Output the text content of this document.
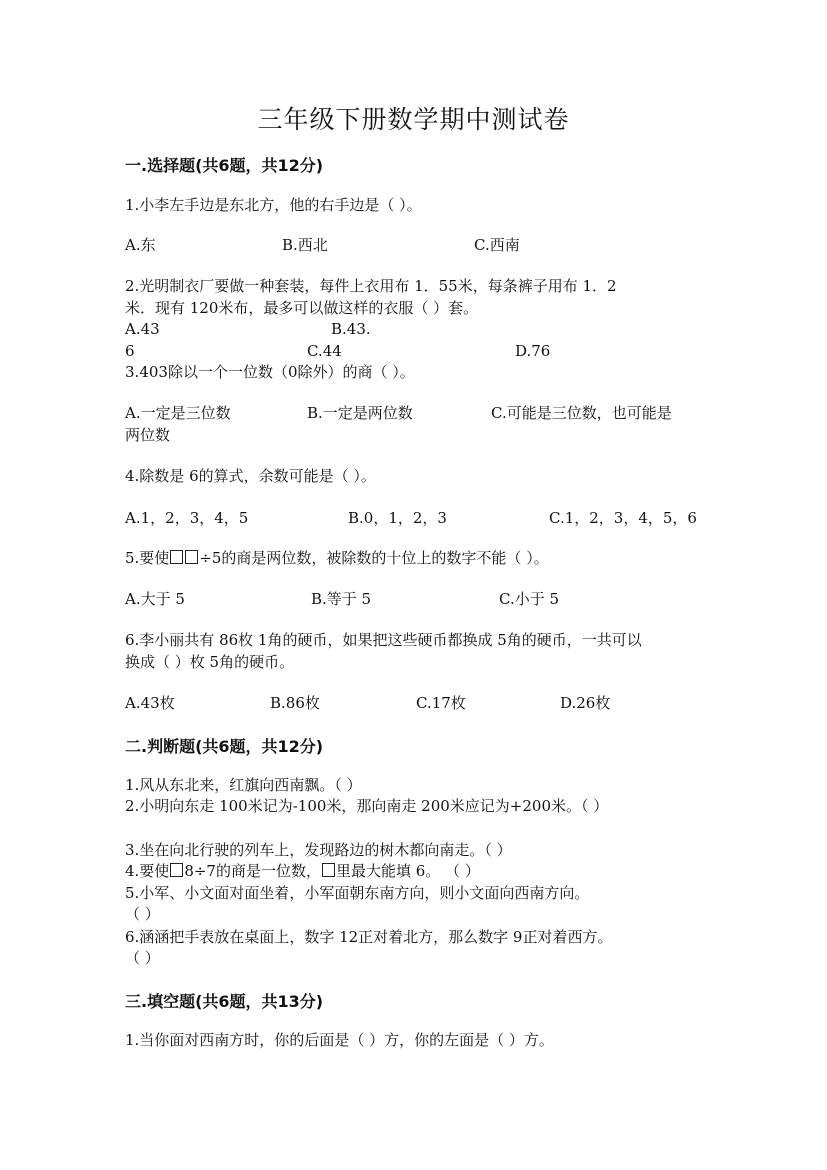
三年级下册数学期中测试卷
一.选择题(共6题，共12分)
1.小李左手边是东北方，他的右手边是（ ）。
A.东	B.西北	C.西南
2.光明制衣厂要做一种套装，每件上衣用布 1．55米，每条裤子用布 1．2
米．现有 120米布，最多可以做这样的衣服（ ）套。
A.43	B.43.
6	C.44	D.76
3.403除以一个一位数（0除外）的商（ ）。
A.一定是三位数	B.一定是两位数	C.可能是三位数，也可能是
两位数
4.除数是 6的算式，余数可能是（ ）。
A.1，2，3，4，5	B.0，1，2，3	C.1，2，3，4，5，6
5.要使 ÷5的商是两位数，被除数的十位上的数字不能（ ）。
A.大于 5	B.等于 5	C.小于 5
6.李小丽共有 86枚 1角的硬币，如果把这些硬币都换成 5角的硬币，一共可以
换成（ ）枚 5角的硬币。
A.43枚	B.86枚	C.17枚	D.26枚
二.判断题(共6题，共12分)
1.风从东北来，红旗向西南飘。（ ）
2.小明向东走 100米记为-100米，那向南走 200米应记为+200米。（ ）
3.坐在向北行驶的列车上，发现路边的树木都向南走。（ ）
4.要使 8÷7的商是一位数， 里最大能填 6。 （ ）
5.小军、小文面对面坐着，小军面朝东南方向，则小文面向西南方向。
（ ）
6.涵涵把手表放在桌面上，数字 12正对着北方，那么数字 9正对着西方。
（ ）
三.填空题(共6题，共13分)
1.当你面对西南方时，你的后面是（ ）方，你的左面是（ ）方。
